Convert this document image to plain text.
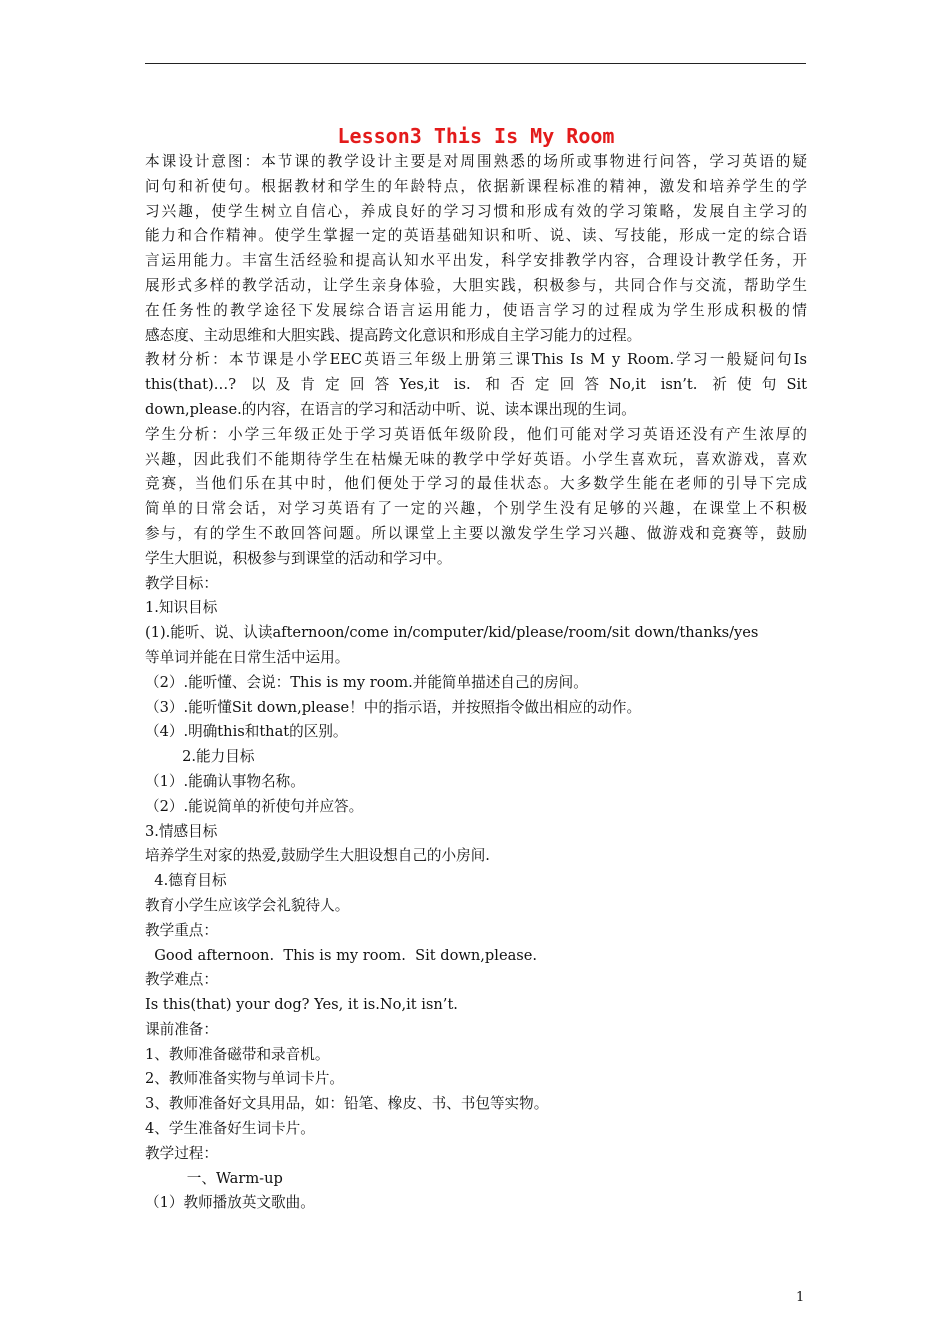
Lesson3 This Is My Room

本课设计意图：本节课的教学设计主要是对周围熟悉的场所或事物进行问答，学习英语的疑

问句和祈使句。根据教材和学生的年龄特点，依据新课程标准的精神，激发和培养学生的学

习兴趣，使学生树立自信心，养成良好的学习习惯和形成有效的学习策略，发展自主学习的

能力和合作精神。使学生掌握一定的英语基础知识和听、说、读、写技能，形成一定的综合语

言运用能力。丰富生活经验和提高认知水平出发，科学安排教学内容，合理设计教学任务，开

展形式多样的教学活动，让学生亲身体验，大胆实践，积极参与，共同合作与交流，帮助学生

在任务性的教学途径下发展综合语言运用能力，使语言学习的过程成为学生形成积极的情

感态度、主动思维和大胆实践、提高跨文化意识和形成自主学习能力的过程。

教材分析：本节课是小学EEC英语三年级上册第三课This Is M y Room.学习一般疑问句Is

this(that)…? 以及肯定回答Yes,it is. 和否定回答No,it isn’t. 祈使句Sit

down,please.的内容，在语言的学习和活动中听、说、读本课出现的生词。

学生分析：小学三年级正处于学习英语低年级阶段，他们可能对学习英语还没有产生浓厚的

兴趣，因此我们不能期待学生在枯燥无味的教学中学好英语。小学生喜欢玩，喜欢游戏，喜欢

竞赛，当他们乐在其中时，他们便处于学习的最佳状态。大多数学生能在老师的引导下完成

简单的日常会话，对学习英语有了一定的兴趣，个别学生没有足够的兴趣，在课堂上不积极

参与，有的学生不敢回答问题。所以课堂上主要以激发学生学习兴趣、做游戏和竞赛等，鼓励

学生大胆说，积极参与到课堂的活动和学习中。

教学目标：

1.知识目标

(1).能听、说、认读afternoon/come in/computer/kid/please/room/sit down/thanks/yes

等单词并能在日常生活中运用。

（2）.能听懂、会说：This is my room.并能简单描述自己的房间。

（3）.能听懂Sit down,please！中的指示语，并按照指令做出相应的动作。

（4）.明确this和that的区别。

2.能力目标

（1）.能确认事物名称。

（2）.能说简单的祈使句并应答。

3.情感目标

培养学生对家的热爱,鼓励学生大胆设想自己的小房间.

4.德育目标

教育小学生应该学会礼貌待人。

教学重点：

Good afternoon.  This is my room.  Sit down,please.

教学难点：

Is this(that) your dog? Yes, it is.No,it isn’t.

课前准备：

1、教师准备磁带和录音机。

2、教师准备实物与单词卡片。

3、教师准备好文具用品，如：铅笔、橡皮、书、书包等实物。

4、学生准备好生词卡片。

教学过程：

一、Warm-up

（1）教师播放英文歌曲。

1
